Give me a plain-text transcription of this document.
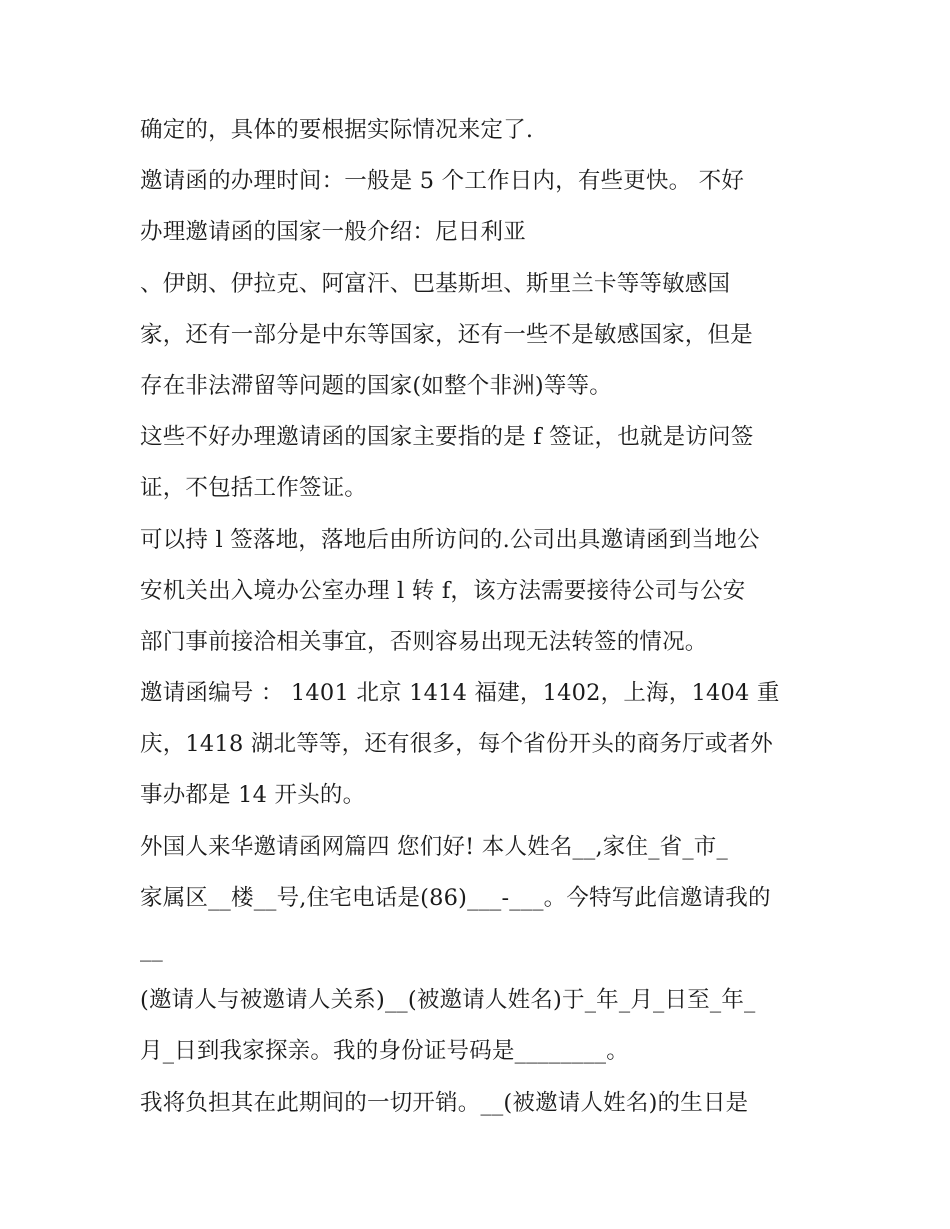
确定的，具体的要根据实际情况来定了.
邀请函的办理时间：一般是 5 个工作日内，有些更快。 不好
办理邀请函的国家一般介绍：尼日利亚
、伊朗、伊拉克、阿富汗、巴基斯坦、斯里兰卡等等敏感国
家，还有一部分是中东等国家，还有一些不是敏感国家，但是
存在非法滞留等问题的国家(如整个非洲)等等。
这些不好办理邀请函的国家主要指的是 f 签证，也就是访问签
证，不包括工作签证。
可以持 l 签落地，落地后由所访问的.公司出具邀请函到当地公
安机关出入境办公室办理 l 转 f，该方法需要接待公司与公安
部门事前接洽相关事宜，否则容易出现无法转签的情况。
邀请函编号 ： 1401 北京 1414 福建，1402，上海，1404 重
庆，1418 湖北等等，还有很多，每个省份开头的商务厅或者外
事办都是 14 开头的。
外国人来华邀请函网篇四 您们好! 本人姓名__,家住_省_市_
家属区__楼__号,住宅电话是(86)___-___。今特写此信邀请我的
__
(邀请人与被邀请人关系)__(被邀请人姓名)于_年_月_日至_年_
月_日到我家探亲。我的身份证号码是________。
我将负担其在此期间的一切开销。__(被邀请人姓名)的生日是
